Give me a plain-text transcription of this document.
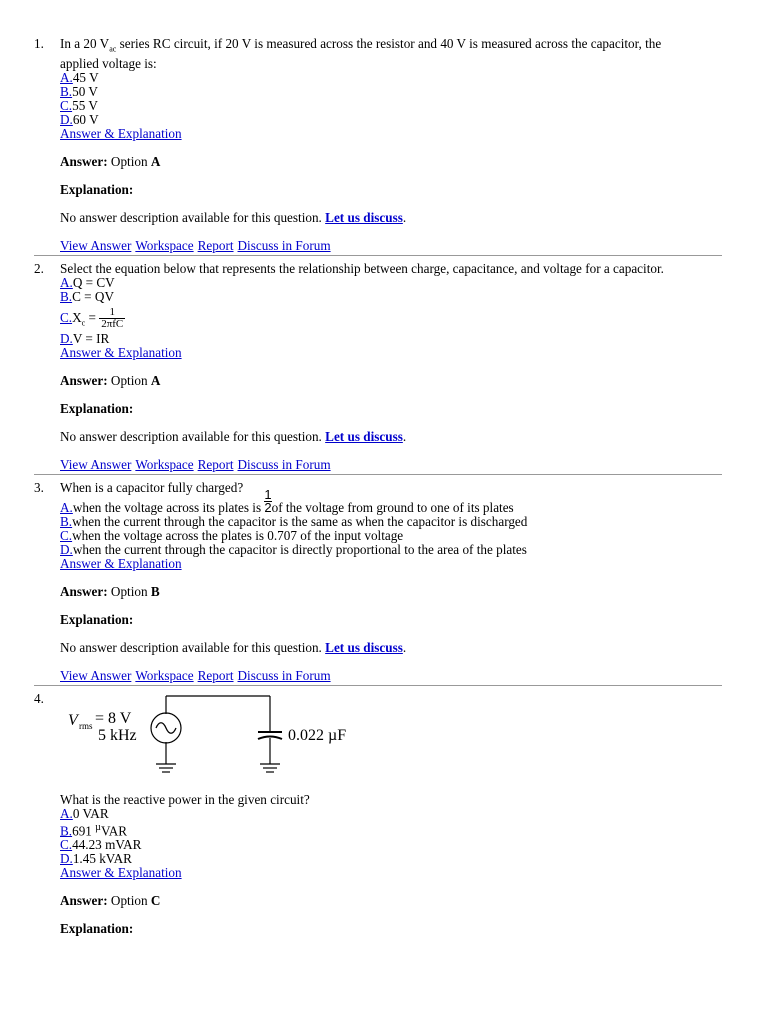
1. In a 20 $V_{ac}$ series RC circuit, if 20 V is measured across the resistor and 40 V is measured across the capacitor, the applied voltage is:
A.45 V
B.50 V
C.55 V
D.60 V
Answer & Explanation
Answer: Option A
Explanation:
No answer description available for this question. Let us discuss.
View Answer Workspace Report Discuss in Forum
2. Select the equation below that represents the relationship between charge, capacitance, and voltage for a capacitor.
A.Q = CV
B.C = QV
$C.X_c = \frac{1}{\text{2πfC}}$
D.V = IR
Answer & Explanation
Answer: Option A
Explanation:
No answer description available for this question. Let us discuss.
View Answer Workspace Report Discuss in Forum
3. When is a capacitor fully charged?
A.when the voltage across its plates is $\frac{1}{2}$ of the voltage from ground to one of its plates
B.when the current through the capacitor is the same as when the capacitor is discharged
C.when the voltage across the plates is 0.707 of the input voltage
D.when the current through the capacitor is directly proportional to the area of the plates
Answer & Explanation
Answer: Option B
Explanation:
No answer description available for this question. Let us discuss.
View Answer Workspace Report Discuss in Forum
4.
V rms = 8 V
5 kHz	0.022 µF
What is the reactive power in the given circuit?
A.0 VAR
B.691 $^\mu$VAR
C.44.23 mVAR
D.1.45 kVAR
Answer & Explanation
Answer: Option C
Explanation:
